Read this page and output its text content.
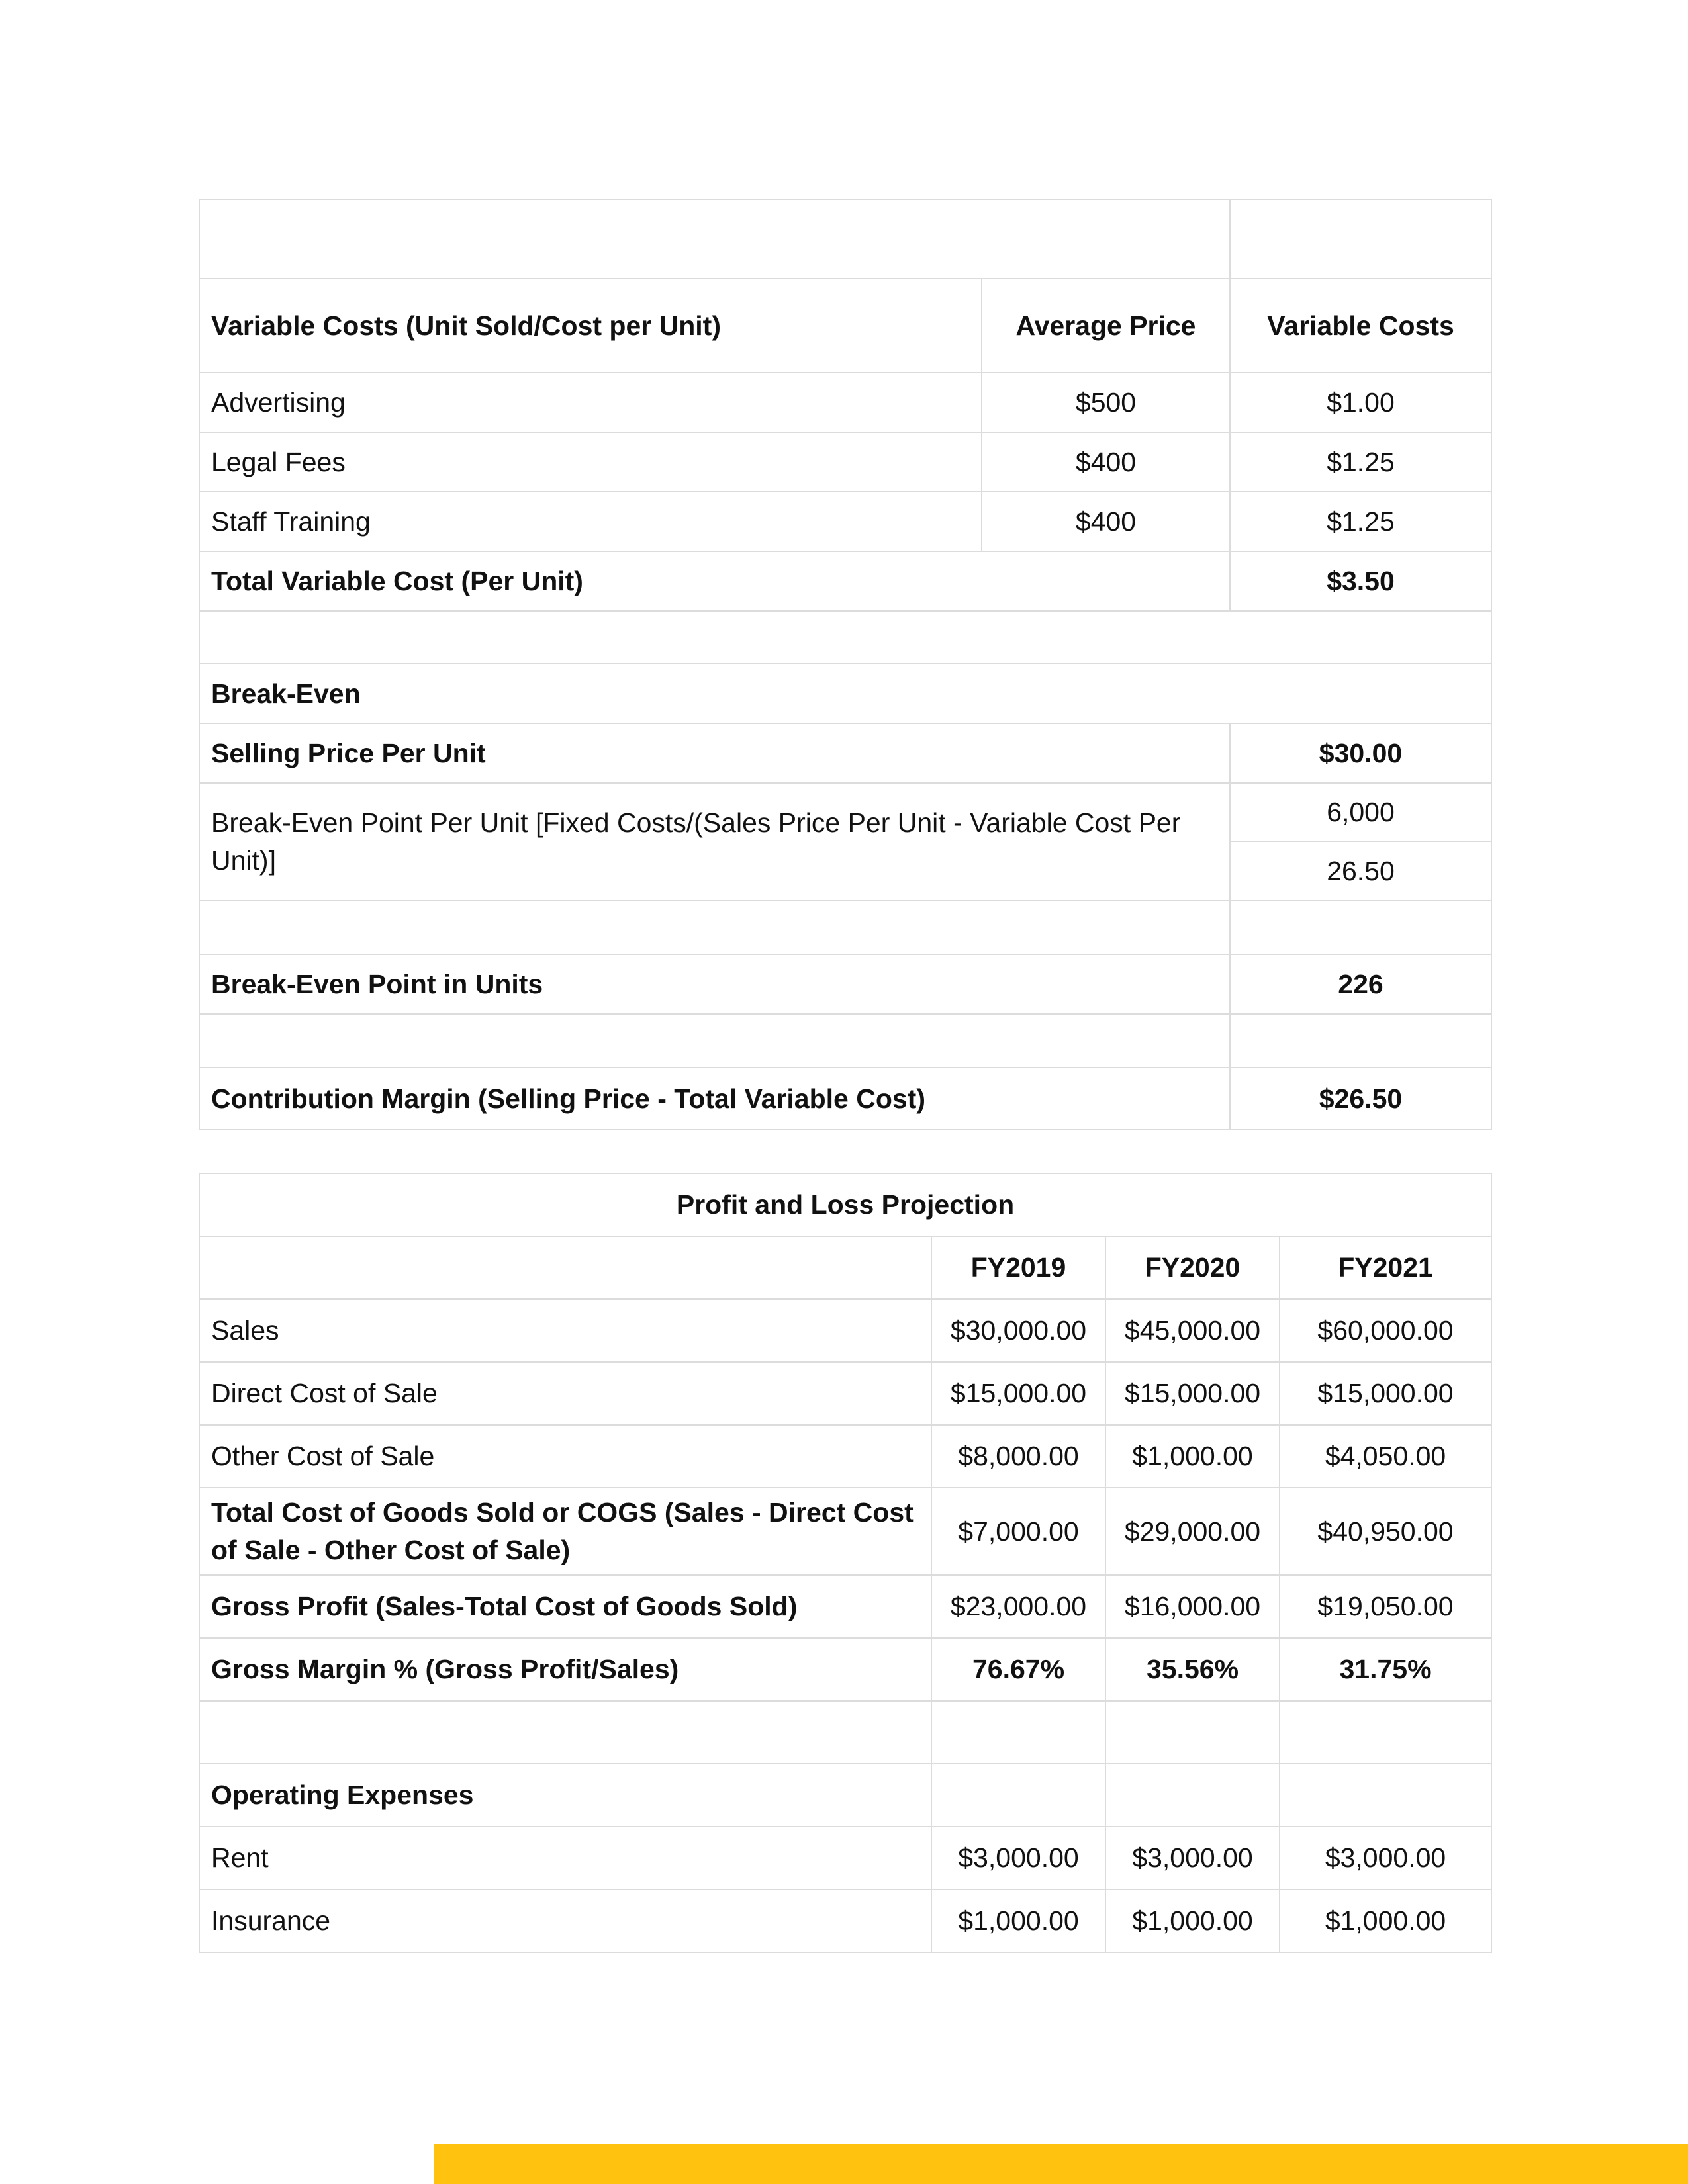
Variable Costs (Unit Sold/Cost per Unit)	Average Price	Variable Costs
Advertising	$500	$1.00
Legal Fees	$400	$1.25
Staff Training	$400	$1.25
Total Variable Cost (Per Unit)		$3.50

Break-Even		
Selling Price Per Unit		$30.00
Break-Even Point Per Unit [Fixed Costs/(Sales Price Per Unit - Variable Cost Per Unit)]		6,000
		26.50

Break-Even Point in Units		226

Contribution Margin (Selling Price - Total Variable Cost)		$26.50
Profit and Loss Projection			
	FY2019	FY2020	FY2021
Sales	$30,000.00	$45,000.00	$60,000.00
Direct Cost of Sale	$15,000.00	$15,000.00	$15,000.00
Other Cost of Sale	$8,000.00	$1,000.00	$4,050.00
Total Cost of Goods Sold or COGS (Sales - Direct Cost of Sale - Other Cost of Sale)	$7,000.00	$29,000.00	$40,950.00
Gross Profit (Sales-Total Cost of Goods Sold)	$23,000.00	$16,000.00	$19,050.00
Gross Margin % (Gross Profit/Sales)	76.67%	35.56%	31.75%

Operating Expenses			
Rent	$3,000.00	$3,000.00	$3,000.00
Insurance	$1,000.00	$1,000.00	$1,000.00
